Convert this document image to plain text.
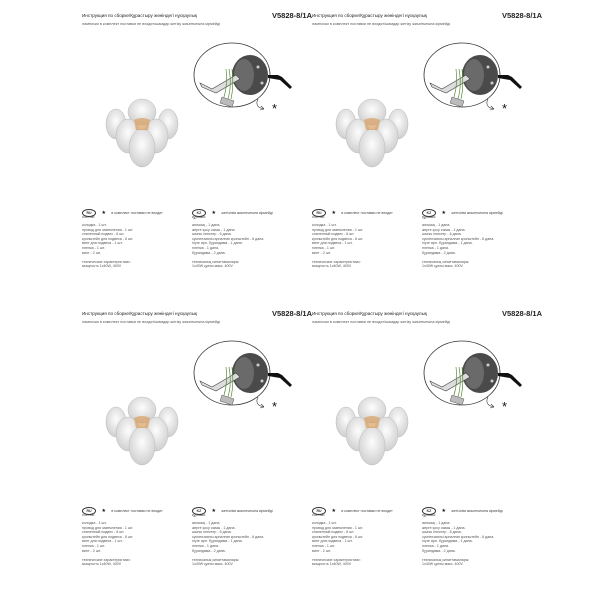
Инструкция по сборке/Құрастыру жөніндегі нұсқаулық	V5828-8/1A
лампочки в комплект поставки не входят/шамдар жетізу жиынтығына кірмейді
*
RU ★ в комплект поставки не входит
состав:
колодка - 1 шт.
провод для заземления - 1 шт.
спиленный подвес - 6 шт.
кронштейн для подвеса - 6 шт.
винт для подвеса - 1 шт.
пленка - 1 шт.
винт - 2 шт.
технические характеристики:
мощность 1х40W, 400V
KZ ★ жетізілім жиынтығына кірмейді
құрамы:
аялшық - 1 дана.
жерге қосу сымы - 1 дана.
шыны ілгектер - 6 дана.
суспензиялы арналған кронштейн - 6 дана.
ілуге арн. бұрандама - 1 дана.
пленка - 1 дана.
бұрандама - 2 дана.
техникалық сипаттамалары:
1х40W қуаты макс. 400V
Инструкция по сборке/Құрастыру жөніндегі нұсқаулық	V5828-8/1A
лампочки в комплект поставки не входят/шамдар жетізу жиынтығына кірмейді
*
RU ★ в комплект поставки не входит
состав:
колодка - 1 шт.
провод для заземления - 1 шт.
спиленный подвес - 6 шт.
кронштейн для подвеса - 6 шт.
винт для подвеса - 1 шт.
пленка - 1 шт.
винт - 2 шт.
технические характеристики:
мощность 1х40W, 400V
KZ ★ жетізілім жиынтығына кірмейді
құрамы:
аялшық - 1 дана.
жерге қосу сымы - 1 дана.
шыны ілгектер - 6 дана.
суспензиялы арналған кронштейн - 6 дана.
ілуге арн. бұрандама - 1 дана.
пленка - 1 дана.
бұрандама - 2 дана.
техникалық сипаттамалары:
1х40W қуаты макс. 400V
Инструкция по сборке/Құрастыру жөніндегі нұсқаулық	V5828-8/1A
лампочки в комплект поставки не входят/шамдар жетізу жиынтығына кірмейді
*
RU ★ в комплект поставки не входит
состав:
колодка - 1 шт.
провод для заземления - 1 шт.
спиленный подвес - 6 шт.
кронштейн для подвеса - 6 шт.
винт для подвеса - 1 шт.
пленка - 1 шт.
винт - 2 шт.
технические характеристики:
мощность 1х40W, 400V
KZ ★ жетізілім жиынтығына кірмейді
құрамы:
аялшық - 1 дана.
жерге қосу сымы - 1 дана.
шыны ілгектер - 6 дана.
суспензиялы арналған кронштейн - 6 дана.
ілуге арн. бұрандама - 1 дана.
пленка - 1 дана.
бұрандама - 2 дана.
техникалық сипаттамалары:
1х40W қуаты макс. 400V
Инструкция по сборке/Құрастыру жөніндегі нұсқаулық	V5828-8/1A
лампочки в комплект поставки не входят/шамдар жетізу жиынтығына кірмейді
*
RU ★ в комплект поставки не входит
состав:
колодка - 1 шт.
провод для заземления - 1 шт.
спиленный подвес - 6 шт.
кронштейн для подвеса - 6 шт.
винт для подвеса - 1 шт.
пленка - 1 шт.
винт - 2 шт.
технические характеристики:
мощность 1х40W, 400V
KZ ★ жетізілім жиынтығына кірмейді
құрамы:
аялшық - 1 дана.
жерге қосу сымы - 1 дана.
шыны ілгектер - 6 дана.
суспензиялы арналған кронштейн - 6 дана.
ілуге арн. бұрандама - 1 дана.
пленка - 1 дана.
бұрандама - 2 дана.
техникалық сипаттамалары:
1х40W қуаты макс. 400V
